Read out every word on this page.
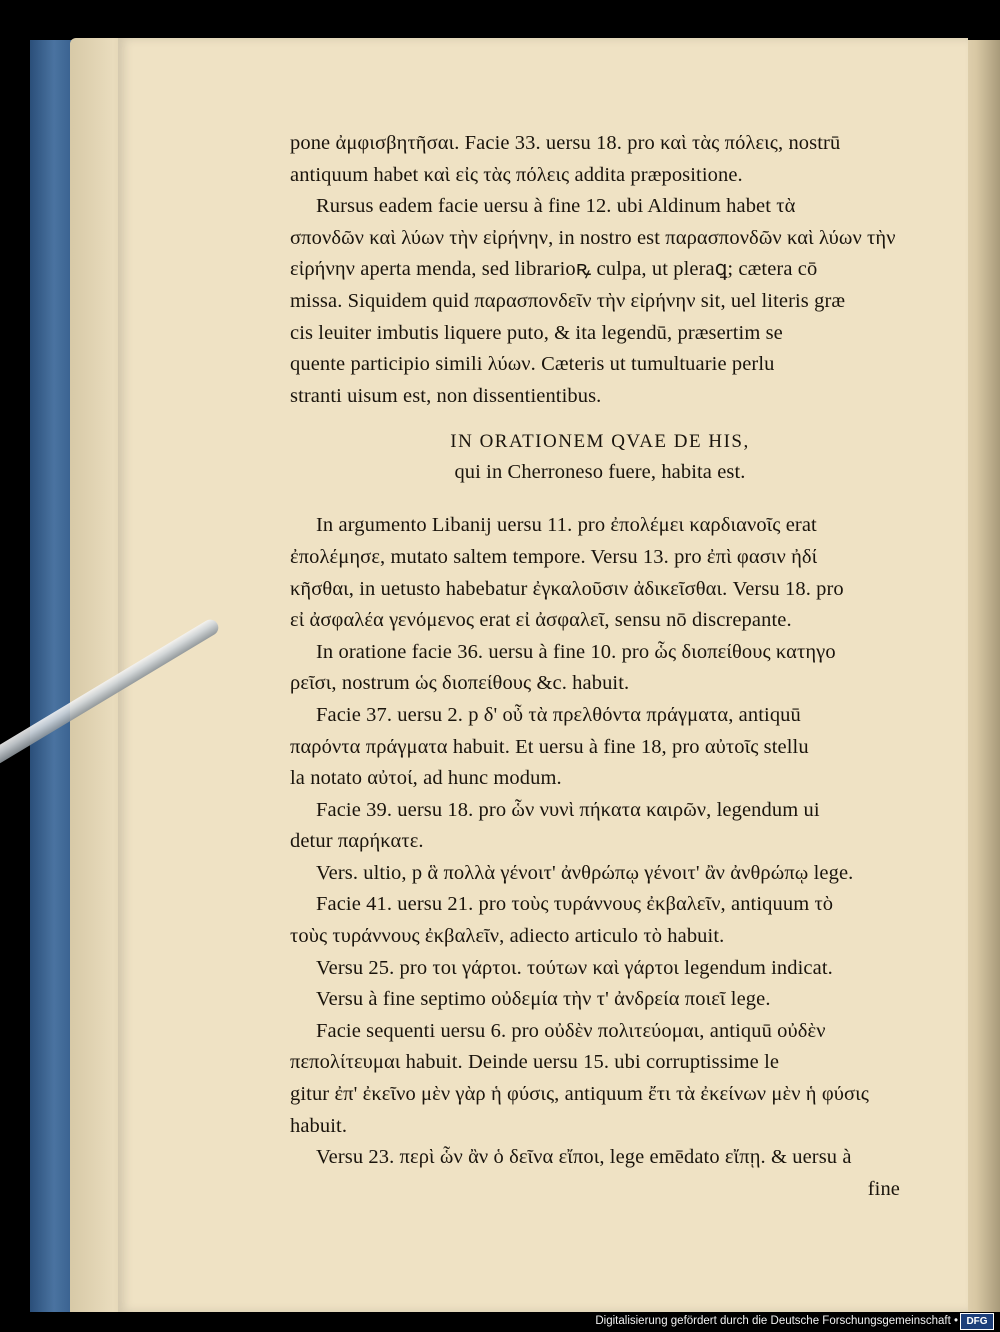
pone ἀμφισβητῆσαι. Facie 33. uersu 18. pro καὶ τὰς πόλεις, nostrū
antiquum habet καὶ εἰς τὰς πόλεις addita præpositione.
Rursus eadem facie uersu à fine 12. ubi Aldinum habet τὰ
σπονδῶν καὶ λύων τὴν εἰρήνην, in nostro est παρασπονδῶν καὶ λύων τὴν
εἰρήνην aperta menda, sed librarioꝶ culpa, ut pleraꝗ; cætera cō
missa. Siquidem quid παρασπονδεῖν τὴν εἰρήνην sit, uel literis græ
cis leuiter imbutis liquere puto, & ita legendū, præsertim se
quente participio simili λύων. Cæteris ut tumultuarie perlu
stranti uisum est, non dissentientibus.
IN ORATIONEM QVAE DE HIS,
qui in Cherroneso fuere, habita est.
In argumento Libanij uersu 11. pro ἐπολέμει καρδιανοῖς erat
ἐπολέμησε, mutato saltem tempore. Versu 13. pro ἐπὶ φασιν ἠδί
κῆσθαι, in uetusto habebatur ἐγκαλοῦσιν ἀδικεῖσθαι. Versu 18. pro
εἰ ἀσφαλέα γενόμενος erat εἰ ἀσφαλεῖ, sensu nō discrepante.
In oratione facie 36. uersu à fine 10. pro ὧς διοπείθους κατηγο
ρεῖσι, nostrum ὡς διοπείθους &c. habuit.
Facie 37. uersu 2. p δ' οὖ τὰ πρελθόντα πράγματα, antiquū
παρόντα πράγματα habuit. Et uersu à fine 18, pro αὐτοῖς stellu
la notato αὐτοί, ad hunc modum.
Facie 39. uersu 18. pro ὧν νυνὶ πήκατα καιρῶν, legendum ui
detur παρήκατε.
Vers. ultio, p ἃ πολλὰ γένοιτ' ἀνθρώπῳ γένοιτ' ἂν ἀνθρώπῳ lege.
Facie 41. uersu 21. pro τοὺς τυράννους ἐκβαλεῖν, antiquum τὸ
τοὺς τυράννους ἐκβαλεῖν, adiecto articulo τὸ habuit.
Versu 25. pro τοι γάρτοι. τούτων καὶ γάρτοι legendum indicat.
Versu à fine septimo οὐδεμία τὴν τ' ἀνδρεία ποιεῖ lege.
Facie sequenti uersu 6. pro οὐδὲν πολιτεύομαι, antiquū οὐδὲν
πεπολίτευμαι habuit. Deinde uersu 15. ubi corruptissime le
gitur ἐπ' ἐκεῖνο μὲν γὰρ ἡ φύσις, antiquum ἔτι τὰ ἐκείνων μὲν ἡ φύσις
habuit.
Versu 23. περὶ ὧν ἂν ὁ δεῖνα εἴποι, lege emēdato εἴπῃ. & uersu à
fine
Digitalisierung gefördert durch die Deutsche Forschungsgemeinschaft • DFG
